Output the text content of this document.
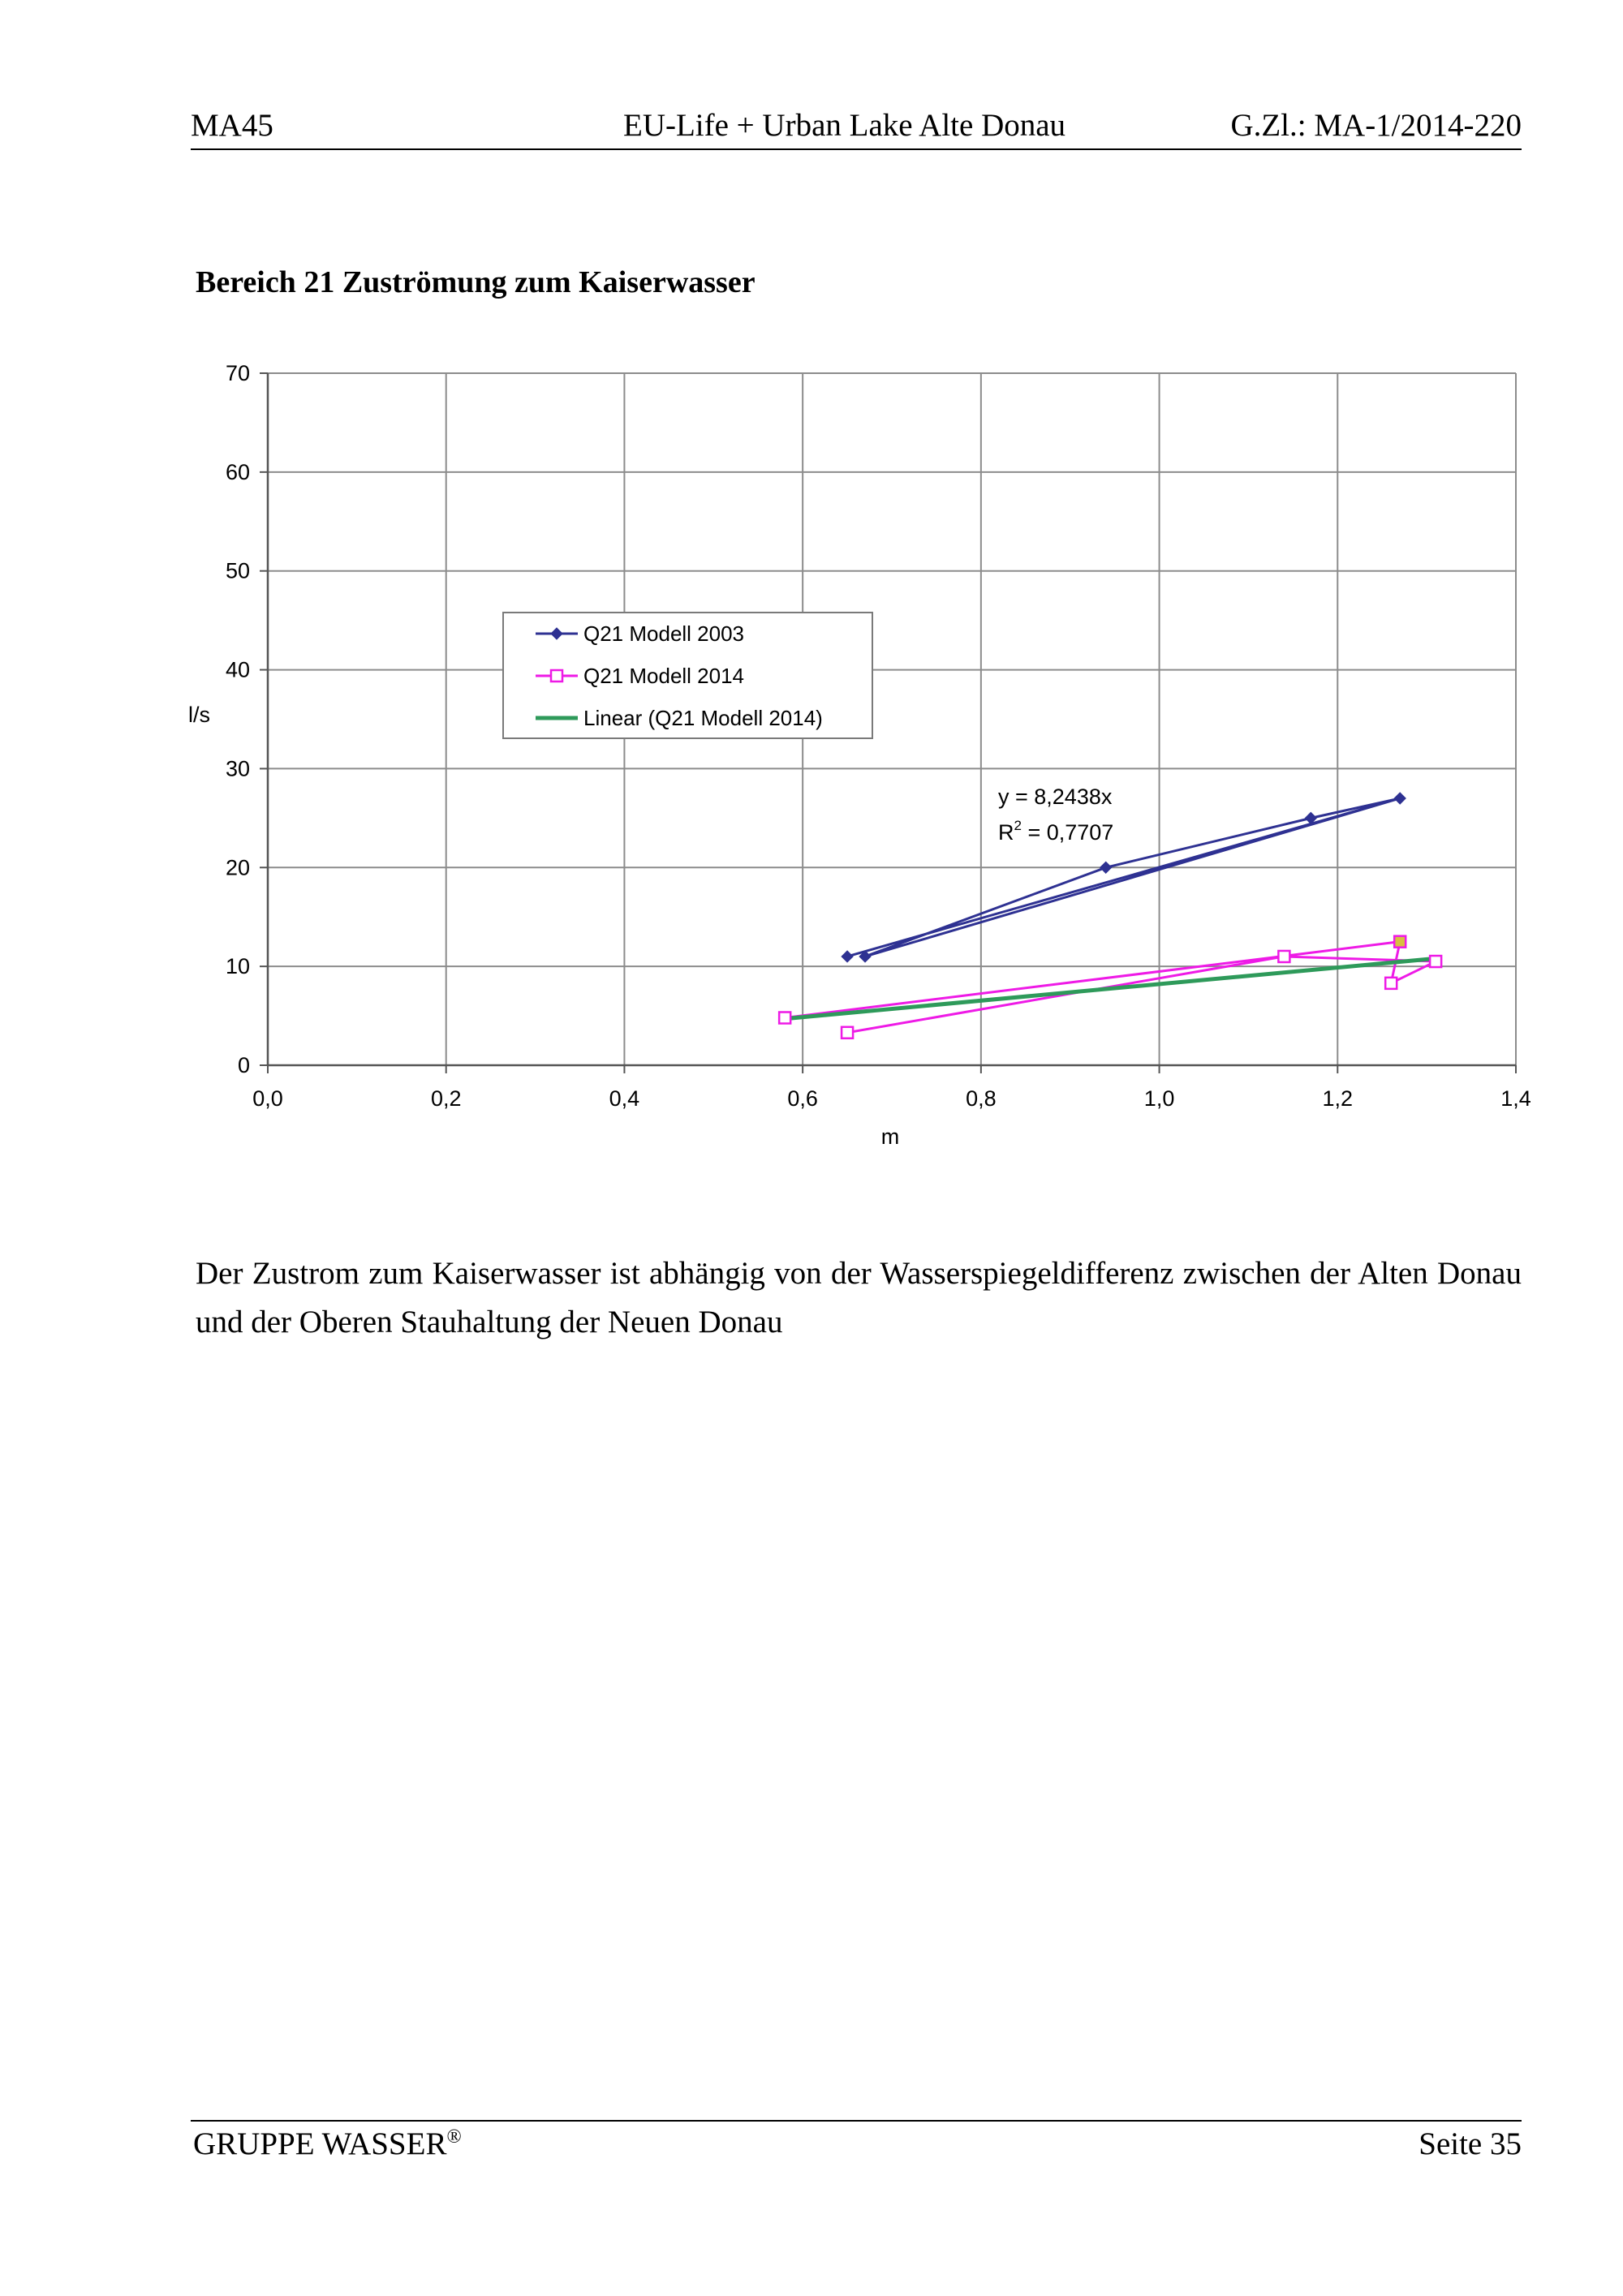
MA45	EU-Life + Urban Lake Alte Donau	G.Zl.: MA-1/2014-220
Bereich 21 Zuströmung zum Kaiserwasser
0,0	0,2	0,4	0,6	0,8	1,0	1,2	1,4
0
10
20
30
40
50
60
70
m
l/s
y = 8,2438x
$R^2 = 0,7707$
Q21 Modell 2003
Q21 Modell 2014
Linear (Q21 Modell 2014)
Der Zustrom zum Kaiserwasser ist abhängig von der Wasserspiegeldifferenz zwischen der Alten Donau und der Oberen Stauhaltung der Neuen Donau
GRUPPE WASSER®	Seite 35
